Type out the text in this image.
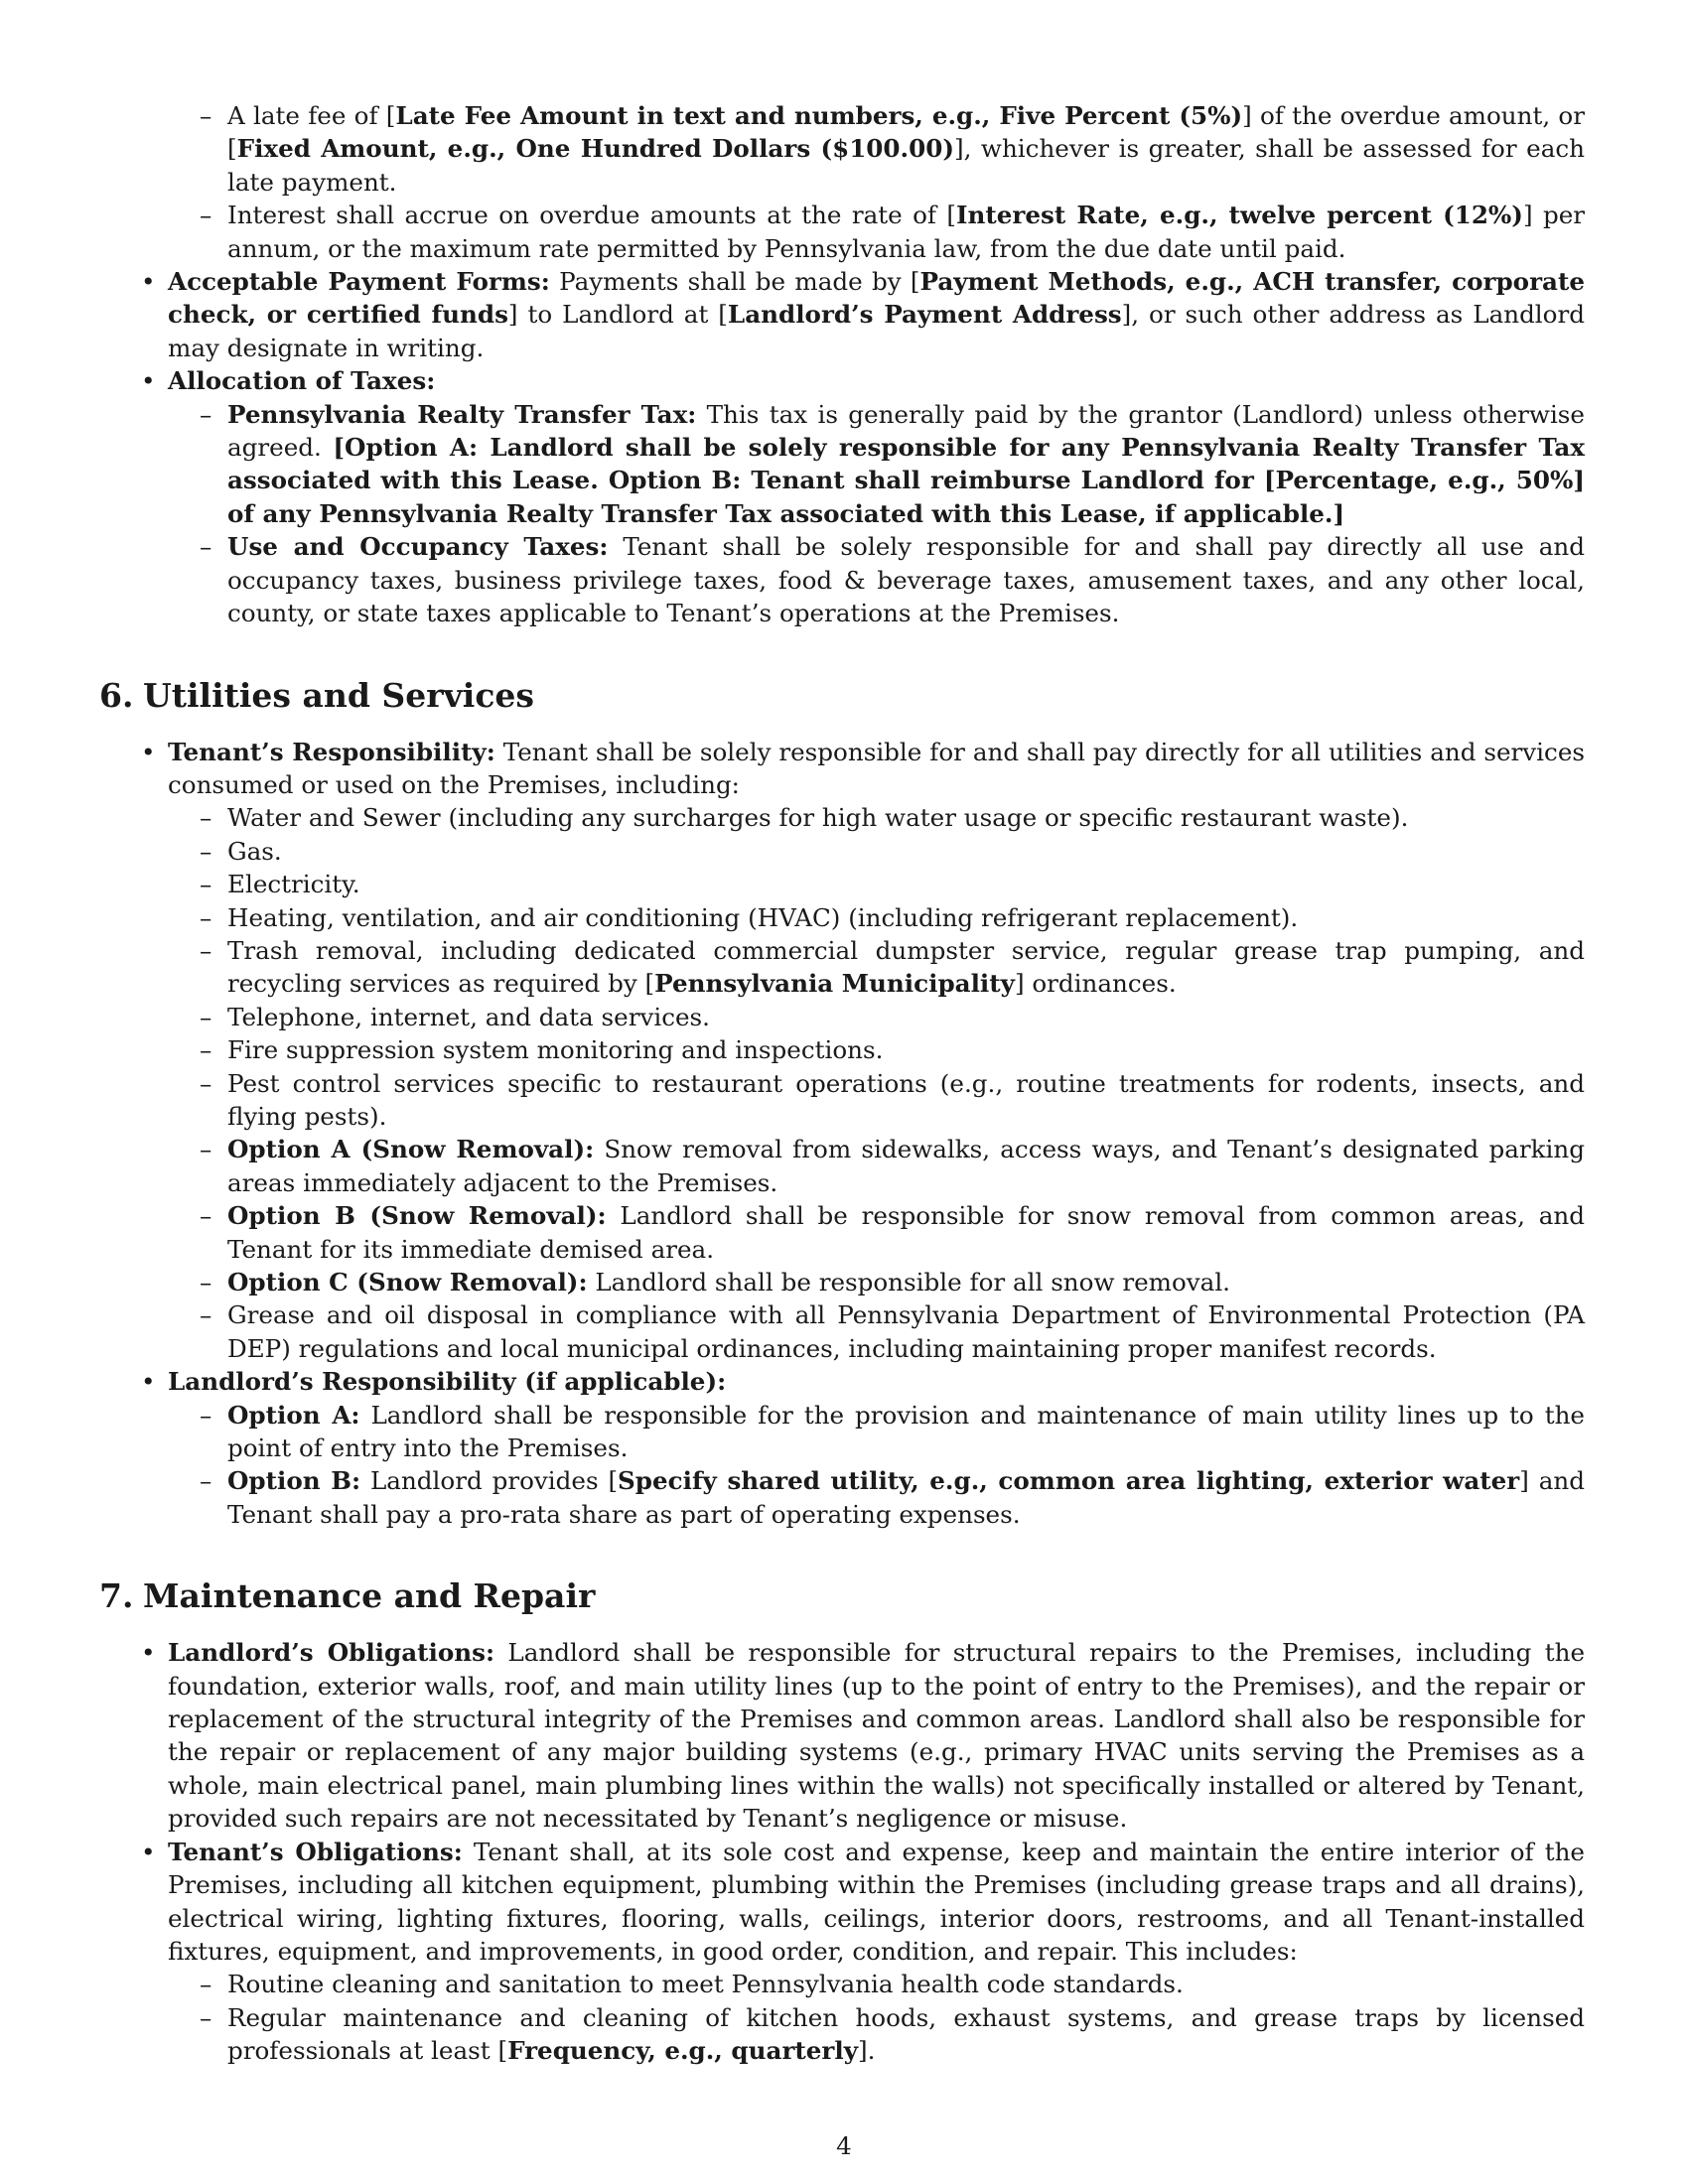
– A late fee of [Late Fee Amount in text and numbers, e.g., Five Percent (5%)] of the overdue amount, or [Fixed Amount, e.g., One Hundred Dollars ($100.00)], whichever is greater, shall be assessed for each late payment.
– Interest shall accrue on overdue amounts at the rate of [Interest Rate, e.g., twelve percent (12%)] per annum, or the maximum rate permitted by Pennsylvania law, from the due date until paid.
• Acceptable Payment Forms: Payments shall be made by [Payment Methods, e.g., ACH transfer, corporate check, or certified funds] to Landlord at [Landlord’s Payment Address], or such other address as Landlord may designate in writing.
• Allocation of Taxes:
– Pennsylvania Realty Transfer Tax: This tax is generally paid by the grantor (Landlord) unless otherwise agreed. [Option A: Landlord shall be solely responsible for any Pennsylvania Realty Transfer Tax associated with this Lease. Option B: Tenant shall reimburse Landlord for [Percentage, e.g., 50%] of any Pennsylvania Realty Transfer Tax associated with this Lease, if applicable.]
– Use and Occupancy Taxes: Tenant shall be solely responsible for and shall pay directly all use and occupancy taxes, business privilege taxes, food & beverage taxes, amusement taxes, and any other local, county, or state taxes applicable to Tenant’s operations at the Premises.
6. Utilities and Services
• Tenant’s Responsibility: Tenant shall be solely responsible for and shall pay directly for all utilities and services consumed or used on the Premises, including:
– Water and Sewer (including any surcharges for high water usage or specific restaurant waste).
– Gas.
– Electricity.
– Heating, ventilation, and air conditioning (HVAC) (including refrigerant replacement).
– Trash removal, including dedicated commercial dumpster service, regular grease trap pumping, and recycling services as required by [Pennsylvania Municipality] ordinances.
– Telephone, internet, and data services.
– Fire suppression system monitoring and inspections.
– Pest control services specific to restaurant operations (e.g., routine treatments for rodents, insects, and flying pests).
– Option A (Snow Removal): Snow removal from sidewalks, access ways, and Tenant’s designated parking areas immediately adjacent to the Premises.
– Option B (Snow Removal): Landlord shall be responsible for snow removal from common areas, and Tenant for its immediate demised area.
– Option C (Snow Removal): Landlord shall be responsible for all snow removal.
– Grease and oil disposal in compliance with all Pennsylvania Department of Environmental Protection (PA DEP) regulations and local municipal ordinances, including maintaining proper manifest records.
• Landlord’s Responsibility (if applicable):
– Option A: Landlord shall be responsible for the provision and maintenance of main utility lines up to the point of entry into the Premises.
– Option B: Landlord provides [Specify shared utility, e.g., common area lighting, exterior water] and Tenant shall pay a pro-rata share as part of operating expenses.
7. Maintenance and Repair
• Landlord’s Obligations: Landlord shall be responsible for structural repairs to the Premises, including the foundation, exterior walls, roof, and main utility lines (up to the point of entry to the Premises), and the repair or replacement of the structural integrity of the Premises and common areas. Landlord shall also be responsible for the repair or replacement of any major building systems (e.g., primary HVAC units serving the Premises as a whole, main electrical panel, main plumbing lines within the walls) not specifically installed or altered by Tenant, provided such repairs are not necessitated by Tenant’s negligence or misuse.
• Tenant’s Obligations: Tenant shall, at its sole cost and expense, keep and maintain the entire interior of the Premises, including all kitchen equipment, plumbing within the Premises (including grease traps and all drains), electrical wiring, lighting fixtures, flooring, walls, ceilings, interior doors, restrooms, and all Tenant-installed fixtures, equipment, and improvements, in good order, condition, and repair. This includes:
– Routine cleaning and sanitation to meet Pennsylvania health code standards.
– Regular maintenance and cleaning of kitchen hoods, exhaust systems, and grease traps by licensed professionals at least [Frequency, e.g., quarterly].
4
